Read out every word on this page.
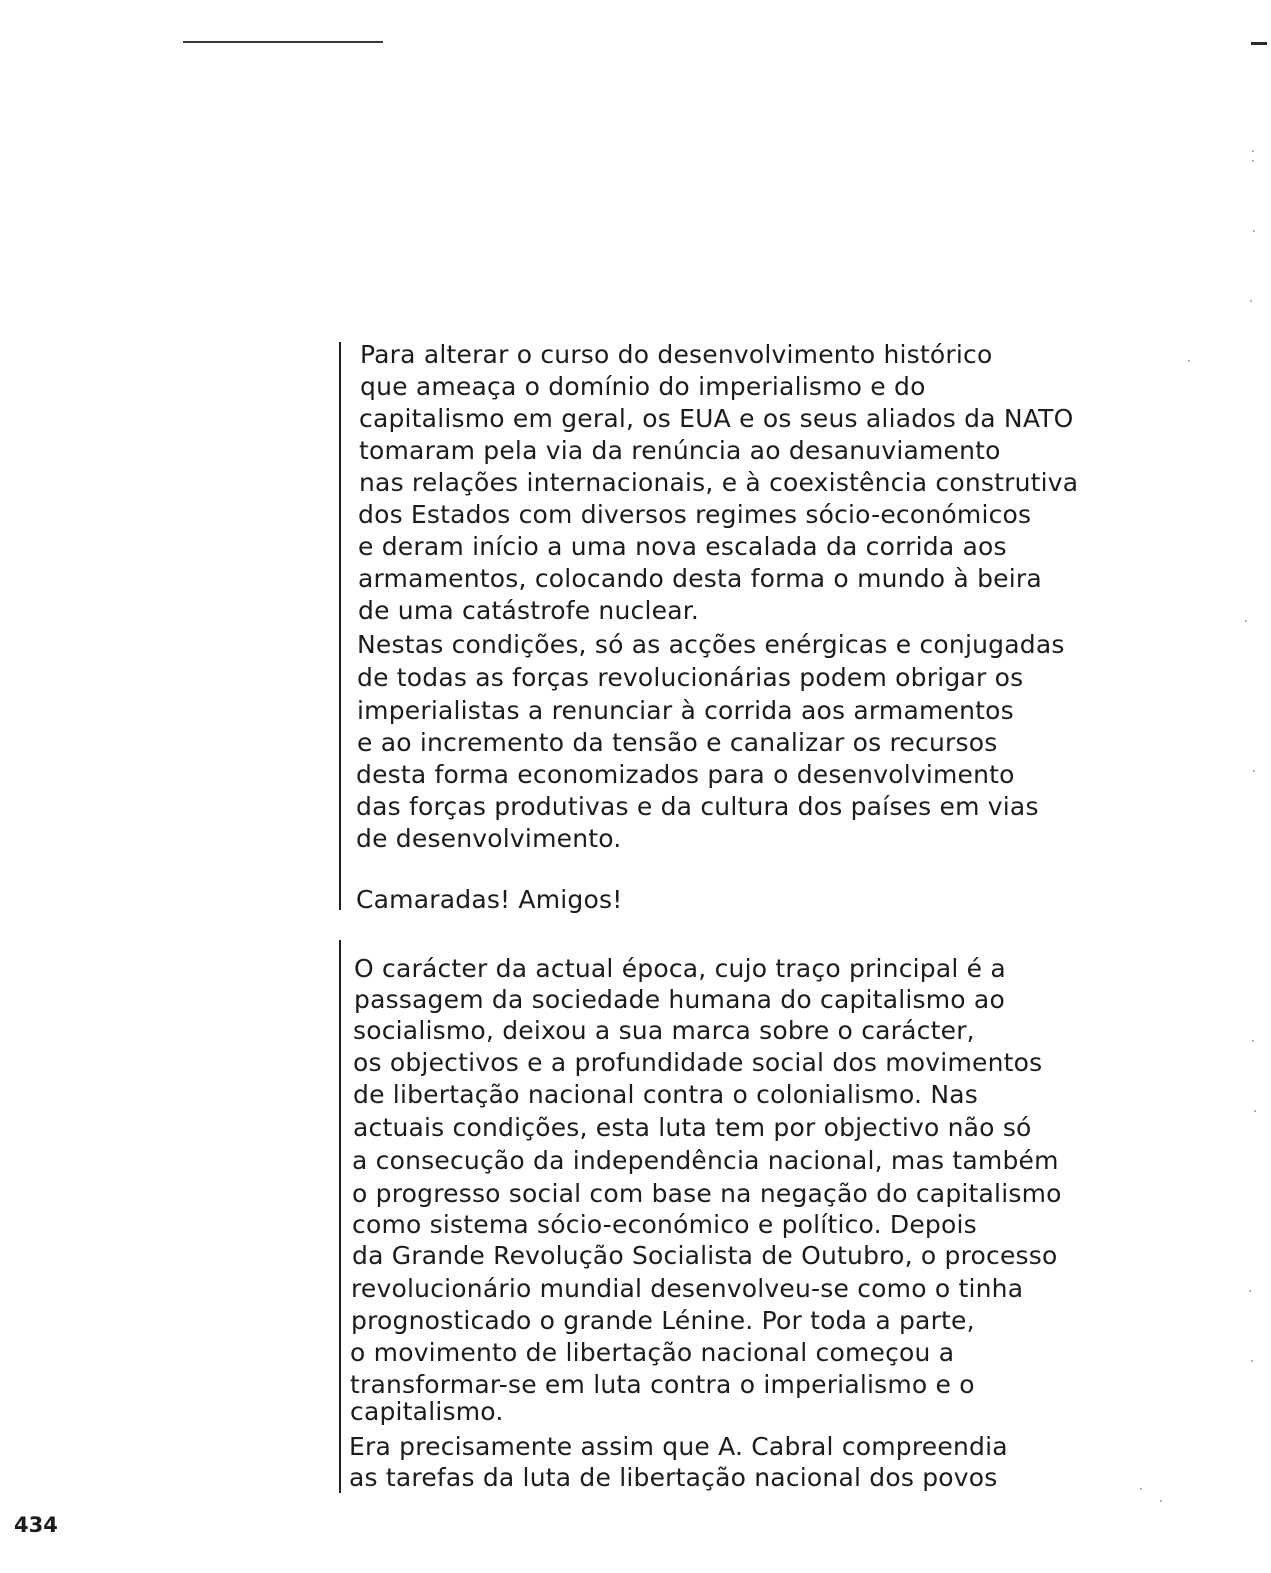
Para alterar o curso do desenvolvimento histórico
que ameaça o domínio do imperialismo e do
capitalismo em geral, os EUA e os seus aliados da NATO
tomaram pela via da renúncia ao desanuviamento
nas relações internacionais, e à coexistência construtiva
dos Estados com diversos regimes sócio-económicos
e deram início a uma nova escalada da corrida aos
armamentos, colocando desta forma o mundo à beira
de uma catástrofe nuclear.
Nestas condições, só as acções enérgicas e conjugadas
de todas as forças revolucionárias podem obrigar os
imperialistas a renunciar à corrida aos armamentos
e ao incremento da tensão e canalizar os recursos
desta forma economizados para o desenvolvimento
das forças produtivas e da cultura dos países em vias
de desenvolvimento.
Camaradas! Amigos!
O carácter da actual época, cujo traço principal é a
passagem da sociedade humana do capitalismo ao
socialismo, deixou a sua marca sobre o carácter,
os objectivos e a profundidade social dos movimentos
de libertação nacional contra o colonialismo. Nas
actuais condições, esta luta tem por objectivo não só
a consecução da independência nacional, mas também
o progresso social com base na negação do capitalismo
como sistema sócio-económico e político. Depois
da Grande Revolução Socialista de Outubro, o processo
revolucionário mundial desenvolveu-se como o tinha
prognosticado o grande Lénine. Por toda a parte,
o movimento de libertação nacional começou a
transformar-se em luta contra o imperialismo e o
capitalismo.
Era precisamente assim que A. Cabral compreendia
as tarefas da luta de libertação nacional dos povos
434
